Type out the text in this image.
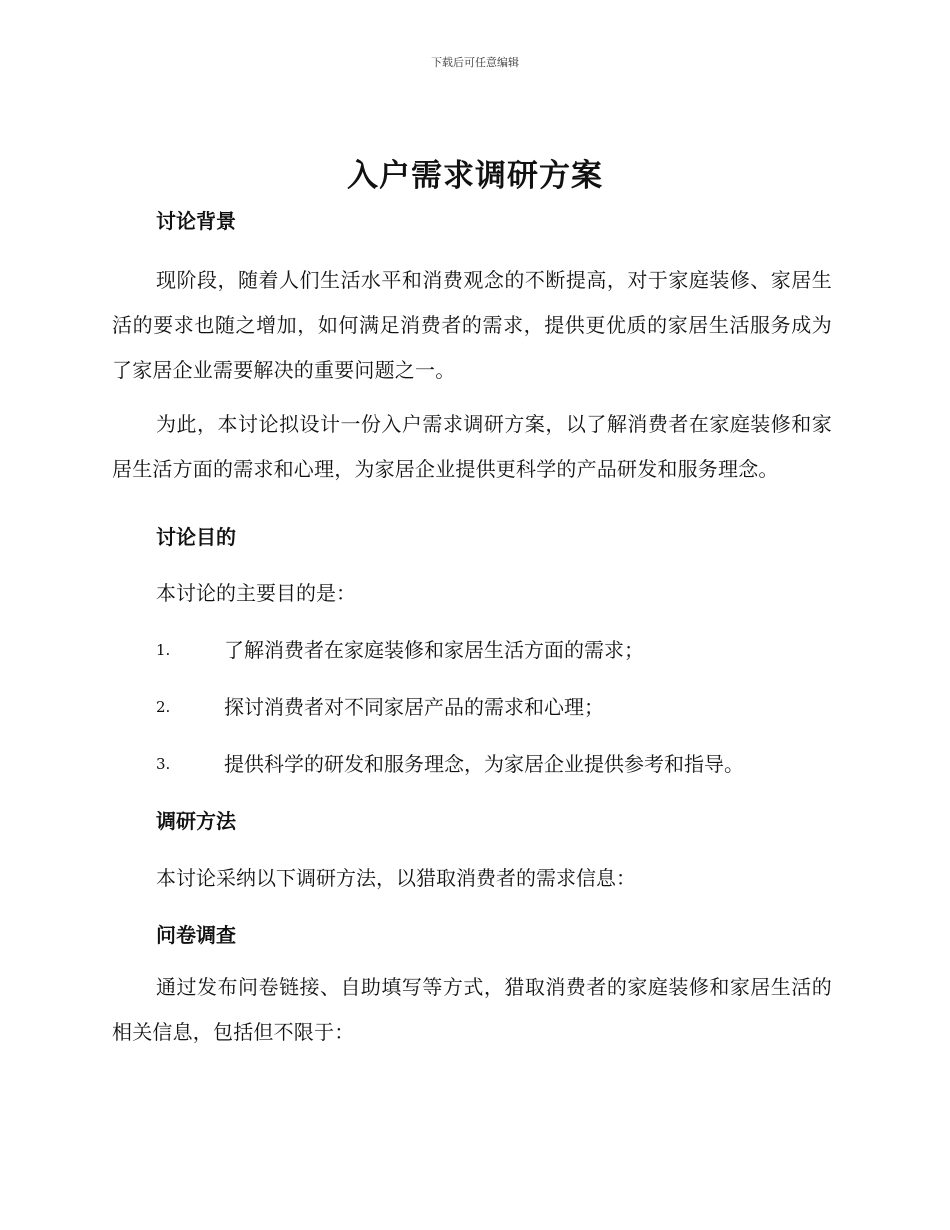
下载后可任意编辑
入户需求调研方案
讨论背景
现阶段，随着人们生活水平和消费观念的不断提高，对于家庭装修、家居生活的要求也随之增加，如何满足消费者的需求，提供更优质的家居生活服务成为了家居企业需要解决的重要问题之一。
为此，本讨论拟设计一份入户需求调研方案，以了解消费者在家庭装修和家居生活方面的需求和心理，为家居企业提供更科学的产品研发和服务理念。
讨论目的
本讨论的主要目的是：
1.	了解消费者在家庭装修和家居生活方面的需求；
2.	探讨消费者对不同家居产品的需求和心理；
3.	提供科学的研发和服务理念，为家居企业提供参考和指导。
调研方法
本讨论采纳以下调研方法，以猎取消费者的需求信息：
问卷调查
通过发布问卷链接、自助填写等方式，猎取消费者的家庭装修和家居生活的相关信息，包括但不限于：
